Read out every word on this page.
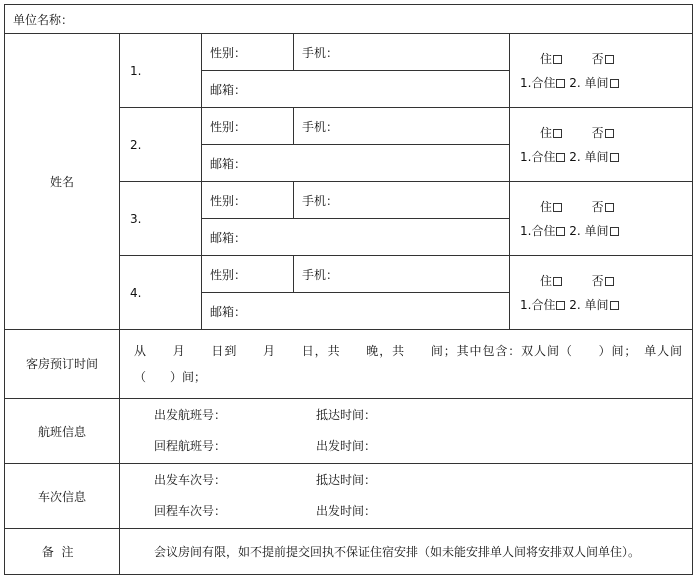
单位名称：				
姓名	1.	性别：	手机：	住 否
1.合住 2. 单间

		邮箱：		
	2.	性别：	手机：	住 否
1.合住 2. 单间

		邮箱：		
	3.	性别：	手机：	住 否
1.合住 2. 单间

		邮箱：		
	4.	性别：	手机：	住 否
1.合住 2. 单间

		邮箱：		
客房预订时间	从　　月　　日到　　月　　日，共　　晚，共　　间；其中包含：双人间（　　）间；　单人间（　　）间；			
航班信息	出发航班号： 抵达时间：
回程航班号： 出发时间：			

车次信息	出发车次号： 抵达时间：
回程车次号： 出发时间：			

备  注	会议房间有限，如不提前提交回执不保证住宿安排（如未能安排单人间将安排双人间单住）。			
